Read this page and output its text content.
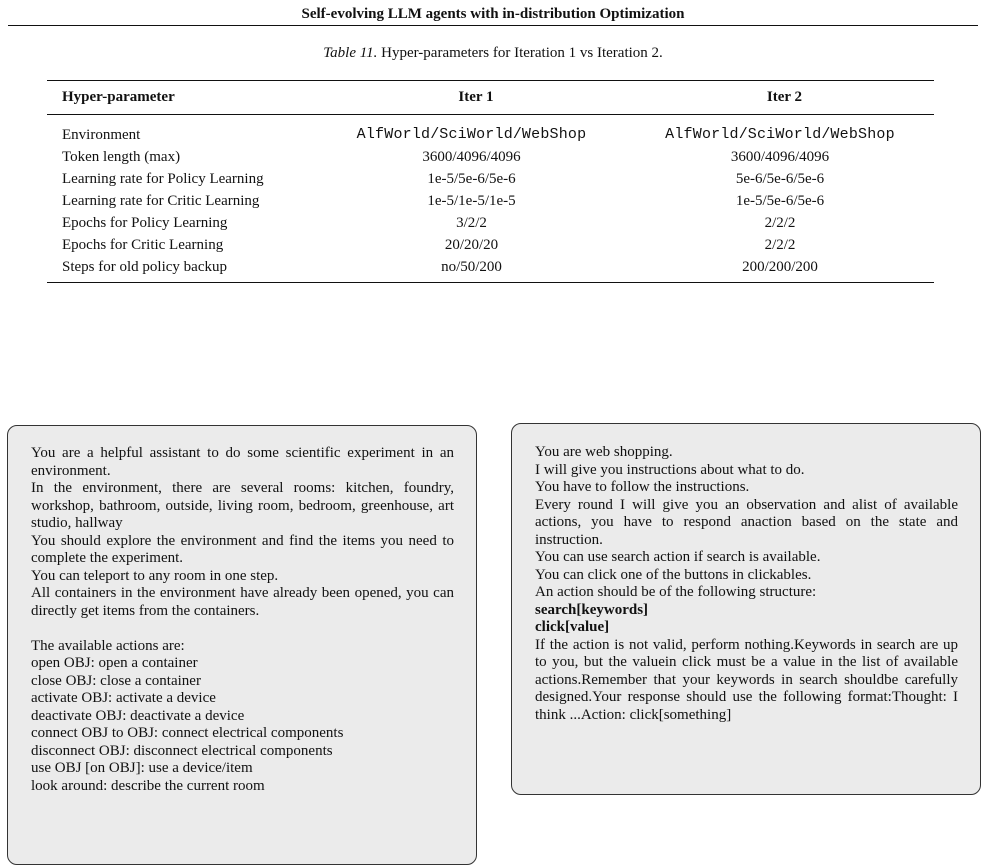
Self-evolving LLM agents with in-distribution Optimization
Table 11. Hyper-parameters for Iteration 1 vs Iteration 2.
Hyper-parameter	Iter 1	Iter 2
Environment	AlfWorld/SciWorld/WebShop	AlfWorld/SciWorld/WebShop
Token length (max)	3600/4096/4096	3600/4096/4096
Learning rate for Policy Learning	1e-5/5e-6/5e-6	5e-6/5e-6/5e-6
Learning rate for Critic Learning	1e-5/1e-5/1e-5	1e-5/5e-6/5e-6
Epochs for Policy Learning	3/2/2	2/2/2
Epochs for Critic Learning	20/20/20	2/2/2
Steps for old policy backup	no/50/200	200/200/200
You are a helpful assistant to do some scientific experiment in an environment.
In the environment, there are several rooms: kitchen, foundry, workshop, bathroom, outside, living room, bedroom, greenhouse, art studio, hallway
You should explore the environment and find the items you need to complete the experiment.
You can teleport to any room in one step.
All containers in the environment have already been opened, you can directly get items from the containers.
The available actions are:
open OBJ: open a container
close OBJ: close a container
activate OBJ: activate a device
deactivate OBJ: deactivate a device
connect OBJ to OBJ: connect electrical components
disconnect OBJ: disconnect electrical components
use OBJ [on OBJ]: use a device/item
look around: describe the current room
You are web shopping.
I will give you instructions about what to do.
You have to follow the instructions.
Every round I will give you an observation and alist of available actions, you have to respond anaction based on the state and instruction.
You can use search action if search is available.
You can click one of the buttons in clickables.
An action should be of the following structure:
search[keywords]
click[value]
If the action is not valid, perform nothing.Keywords in search are up to you, but the valuein click must be a value in the list of available actions.Remember that your keywords in search shouldbe carefully designed.Your response should use the following format:Thought: I think ...Action: click[something]
